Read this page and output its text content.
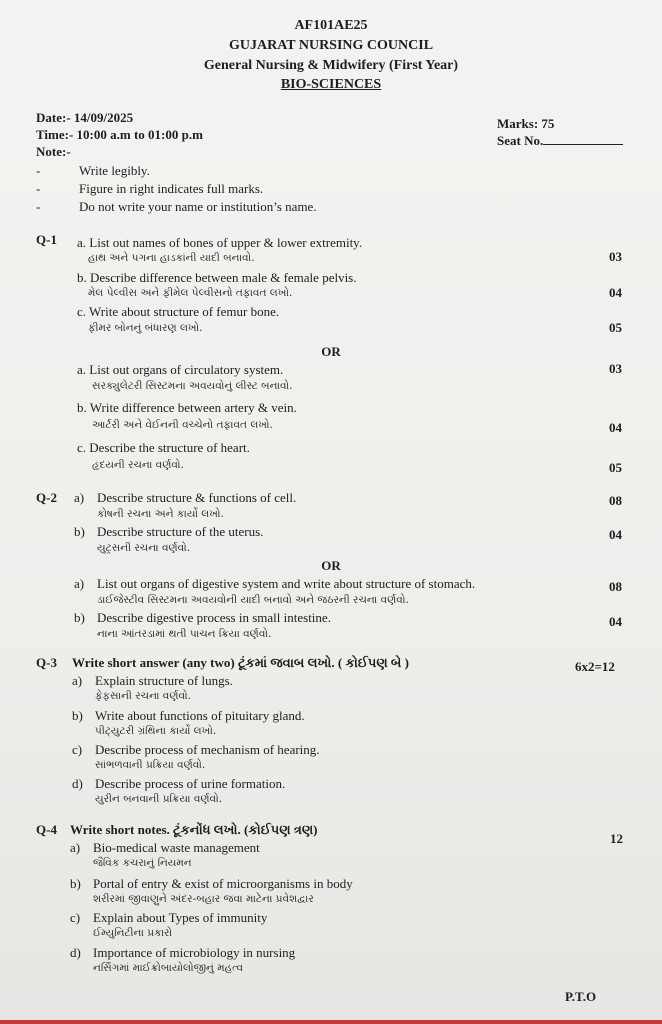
AF101AE25
GUJARAT NURSING COUNCIL
General Nursing & Midwifery (First Year)
BIO-SCIENCES
Date:- 14/09/2025
Time:- 10:00 a.m to 01:00 p.m
Note:-
Marks: 75
Seat No.
-	Write legibly.
-	Figure in right indicates full marks.
-	Do not write your name or institution’s name.
Q-1 a. List out names of bones of upper & lower extremity.
હાથ અને પગના હાડકાંની યાદી બનાવો.	03
b. Describe difference between male & female pelvis.
મેલ પેલ્વીસ અને ફીમેલ પેલ્વીસનો તફાવત લખો.	04
c. Write about structure of femur bone.
ફીમર બોનનું બંધારણ લખો.	05
OR
a. List out organs of circulatory system.
સરક્યુલેટરી સિસ્ટમના અવયવોનું લીસ્ટ બનાવો.
03
b. Write difference between artery & vein.
આર્ટરી અને વેઈનની વચ્ચેનો તફાવત લખો.	04
c. Describe the structure of heart.
હૃદયની રચના વર્ણવો.	05
Q-2 a) Describe structure & functions of cell.
કોષની રચના અને કાર્યો લખો.
08
b) Describe structure of the uterus.
યુટ્રસની રચના વર્ણવો.
04
OR
a) List out organs of digestive system and write about structure of stomach.
ડાઈજેસ્ટીવ સિસ્ટમના અવયવોની યાદી બનાવો અને જઠરની રચના વર્ણવો.
08
b) Describe digestive process in small intestine.
નાના આંતરડામાં થતી પાચન ક્રિયા વર્ણવો.
04
Q-3 Write short answer (any two) ટૂંકમાં જવાબ લખો. ( કોઈપણ બે )	6x2=12
a) Explain structure of lungs.
ફેફસાની રચના વર્ણવો.
b) Write about functions of pituitary gland.
પીટ્યુટરી ગ્રંથિના કાર્યો લખો.
c) Describe process of mechanism of hearing.
સાંભળવાની પ્રક્રિયા વર્ણવો.
d) Describe process of urine formation.
યુરીન બનવાની પ્રક્રિયા વર્ણવો.
Q-4 Write short notes. ટૂંકનોંધ લખો. (કોઈપણ ત્રણ)
12
a) Bio-medical waste management
જૈવિક કચરાનું નિયમન
b) Portal of entry & exist of microorganisms in body
શરીરમાં જીવાણુને અંદર-બહાર જવા માટેના પ્રવેશદ્વાર
c) Explain about Types of immunity
ઈમ્યુનિટીના પ્રકારો
d) Importance of microbiology in nursing
નર્સિંગમાં માઈક્રોબાયોલોજીનું મહત્વ
P.T.O
